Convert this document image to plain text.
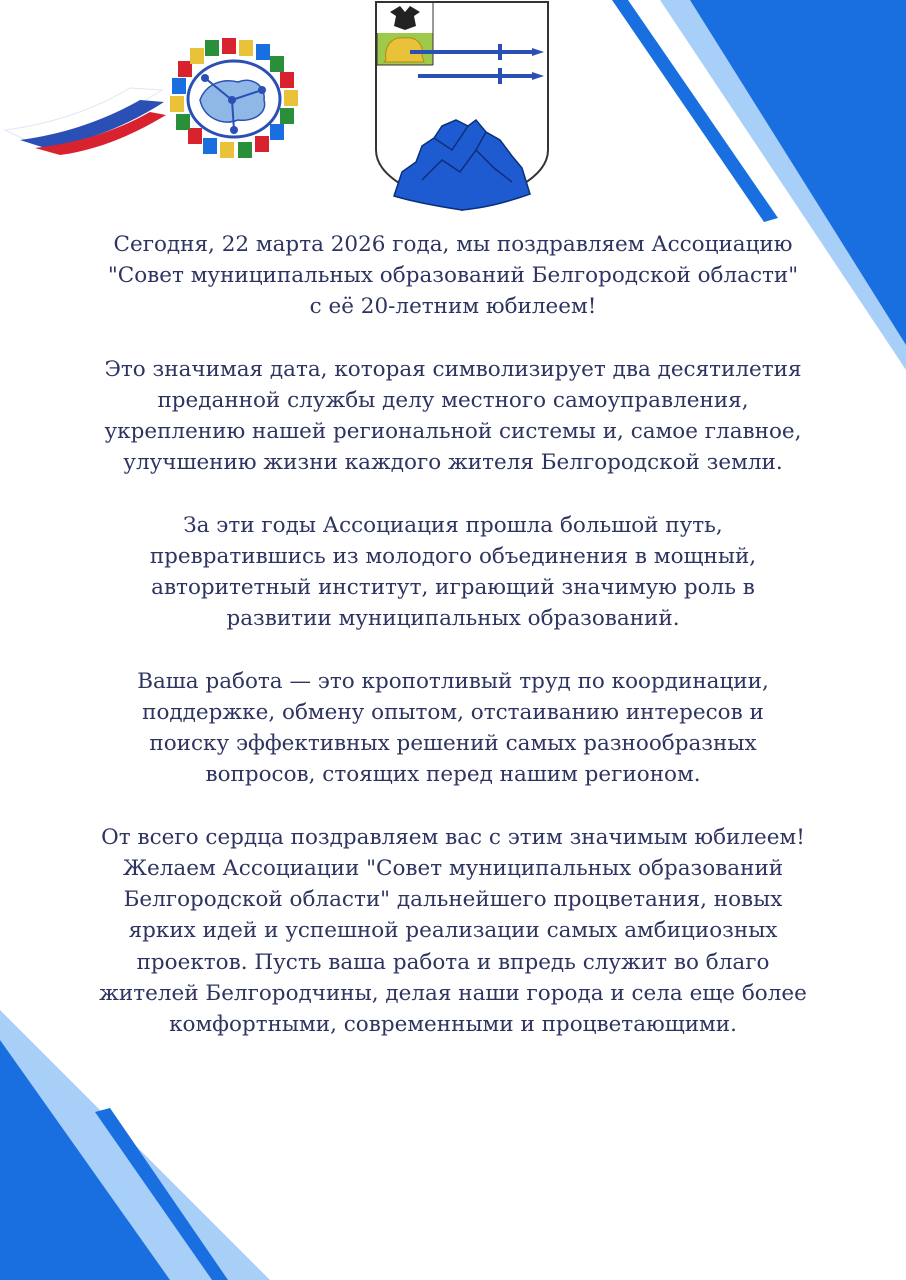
Сегодня, 22 марта 2026 года, мы поздравляем Ассоциацию
"Совет муниципальных образований Белгородской области"
с её 20-летним юбилеем!

Это значимая дата, которая символизирует два десятилетия
преданной службы делу местного самоуправления,
укреплению нашей региональной системы и, самое главное,
улучшению жизни каждого жителя Белгородской земли.

За эти годы Ассоциация прошла большой путь,
превратившись из молодого объединения в мощный,
авторитетный институт, играющий значимую роль в
развитии муниципальных образований.

Ваша работа — это кропотливый труд по координации,
поддержке, обмену опытом, отстаиванию интересов и
поиску эффективных решений самых разнообразных
вопросов, стоящих перед нашим регионом.

От всего сердца поздравляем вас с этим значимым юбилеем!
Желаем Ассоциации "Совет муниципальных образований
Белгородской области" дальнейшего процветания, новых
ярких идей и успешной реализации самых амбициозных
проектов. Пусть ваша работа и впредь служит во благо
жителей Белгородчины, делая наши города и села еще более
комфортными, современными и процветающими.
